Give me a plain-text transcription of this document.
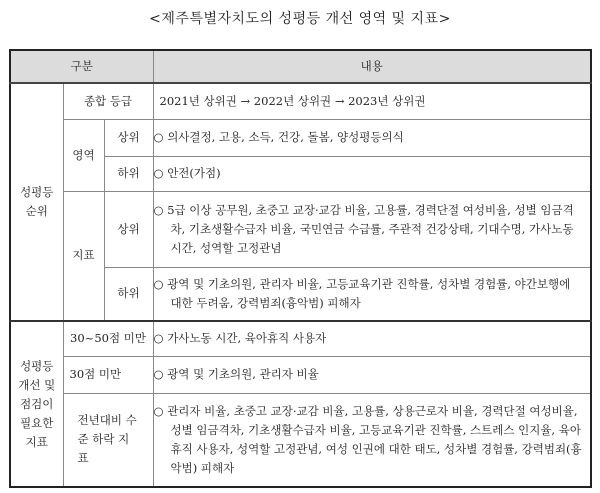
<제주특별자치도의 성평등 개선 영역 및 지표>
구분			내용
성평등 순위	종합 등급		2021년 상위권 → 2022년 상위권 → 2023년 상위권
	영역	상위	○ 의사결정, 고용, 소득, 건강, 돌봄, 양성평등의식
		하위	○ 안전(가점)
	지표	상위	○ 5급 이상 공무원, 초중고 교장·교감 비율, 고용률, 경력단절 여성비율, 성별 임금격차, 기초생활수급자 비율, 국민연금 수급률, 주관적 건강상태, 기대수명, 가사노동 시간, 성역할 고정관념
		하위	○ 광역 및 기초의원, 관리자 비율, 고등교육기관 진학률, 성차별 경험률, 야간보행에 대한 두려움, 강력범죄(흉악범) 피해자
성평등 개선 및 점검이 필요한 지표	30~50점 미만		○ 가사노동 시간, 육아휴직 사용자
	30점 미만		○ 광역 및 기초의원, 관리자 비율
	전년대비 수준 하락 지표		○ 관리자 비율, 초중고 교장·교감 비율, 고용률, 상용근로자 비율, 경력단절 여성비율, 성별 임금격차, 기초생활수급자 비율, 고등교육기관 진학률, 스트레스 인지율, 육아휴직 사용자, 성역할 고정관념, 여성 인권에 대한 태도, 성차별 경험률, 강력범죄(흉악범) 피해자
